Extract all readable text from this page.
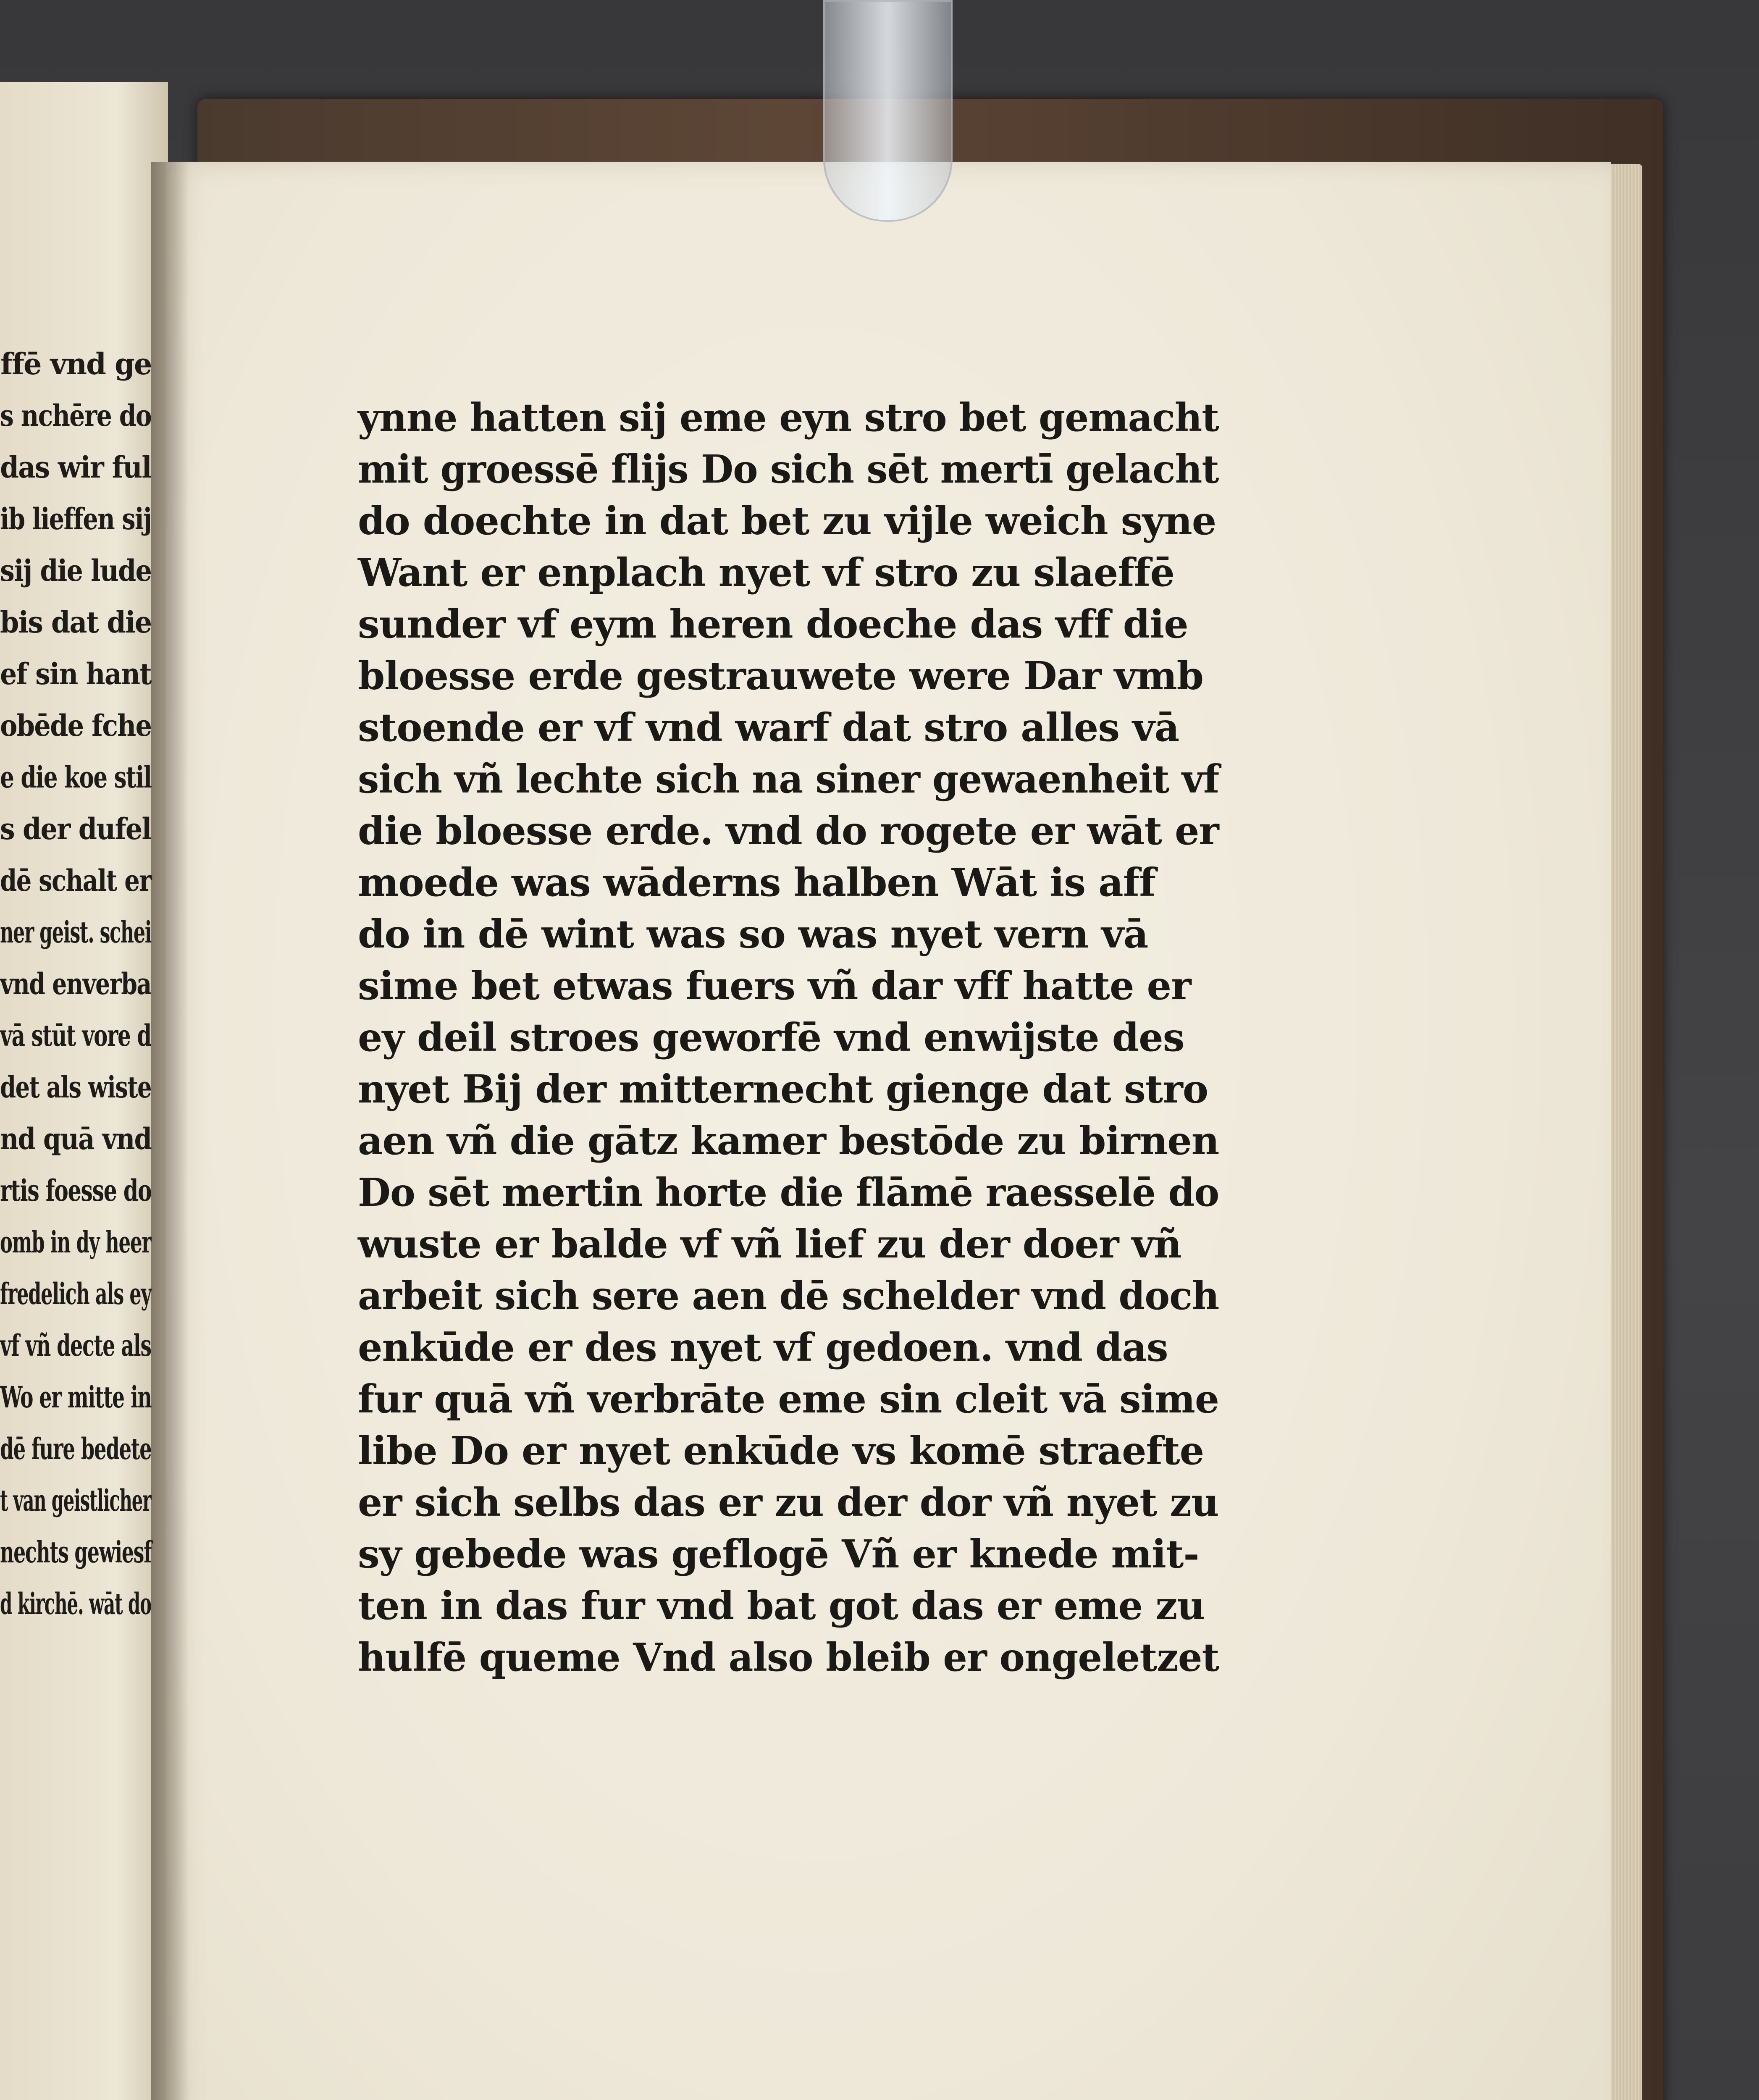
ffē vnd ge
s nchēre do
das wir ful
ib lieffen sij
sij die lude
bis dat die
ef sin hant
obēde fche
e die koe stil
s der dufel
dē schalt er
ner geist. schei
vnd enverba
vā stūt vore d
det als wiste
nd quā vnd
rtis foesse do
omb in dy heer
fredelich als ey
vf vñ decte als
Wo er mitte in
dē fure bedete
t van geistlicher
nechts gewiesf
d kirchē. wāt do
ynne hatten sij eme eyn stro bet gemacht
mit groessē flijs Do sich sēt mertī gelacht
do doechte in dat bet zu vijle weich syne
Want er enplach nyet vf stro zu slaeffē
sunder vf eym heren doeche das vff die
bloesse erde gestrauwete were Dar vmb
stoende er vf vnd warf dat stro alles vā
sich vñ lechte sich na siner gewaenheit vf
die bloesse erde. vnd do rogete er wāt er
moede was wāderns halben Wāt is aff
do in dē wint was so was nyet vern vā
sime bet etwas fuers vñ dar vff hatte er
ey deil stroes geworfē vnd enwijste des
nyet Bij der mitternecht gienge dat stro
aen vñ die gātz kamer bestōde zu birnen
Do sēt mertin horte die flāmē raesselē do
wuste er balde vf vñ lief zu der doer vñ
arbeit sich sere aen dē schelder vnd doch
enkūde er des nyet vf gedoen. vnd das
fur quā vñ verbrāte eme sin cleit vā sime
libe Do er nyet enkūde vs komē straefte
er sich selbs das er zu der dor vñ nyet zu
sy gebede was geflogē Vñ er knede mit-
ten in das fur vnd bat got das er eme zu
hulfē queme Vnd also bleib er ongeletzet
